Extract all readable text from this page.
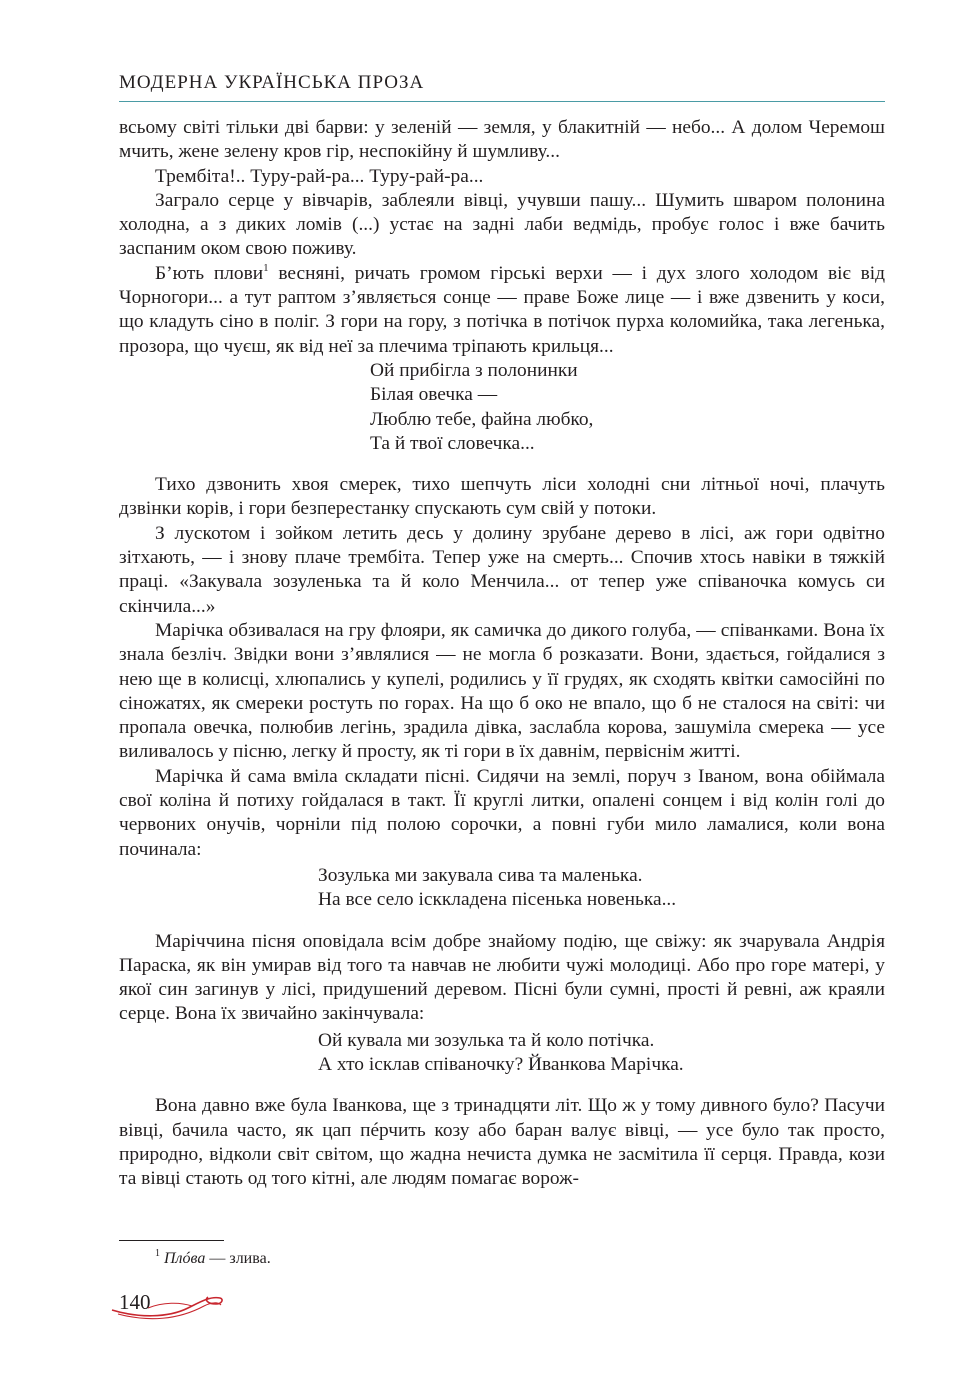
МОДЕРНА УКРАЇНСЬКА ПРОЗА

всьому світі тільки дві барви: у зеленій — земля, у блакитній — небо... А долом Черемош мчить, жене зелену кров гір, неспокійну й шумливу...

Трембіта!.. Туру-рай-ра... Туру-рай-ра...

Заграло серце у вівчарів, заблеяли вівці, учувши пашу... Шумить шваром полонина холодна, а з диких ломів (...) устає на задні лаби ведмідь, пробує голос і вже бачить заспаним оком свою поживу.

Б’ють плови$^1$ весняні, ричать громом гірські верхи — і дух злого холодом віє від Чорногори... а тут раптом з’являється сонце — праве Боже лице — і вже дзвенить у коси, що кладуть сіно в поліг. З гори на гору, з потічка в потічок пурха коломийка, така легенька, прозора, що чуєш, як від неї за плечима тріпають крильця...

Ой прибігла з полонинки
Білая овечка —
Люблю тебе, файна любко,
Та й твої словечка...

Тихо дзвонить хвоя смерек, тихо шепчуть ліси холодні сни літньої ночі, плачуть дзвінки корів, і гори безперестанку спускають сум свій у потоки.

З лускотом і зойком летить десь у долину зрубане дерево в лісі, аж гори одвітно зітхають, — і знову плаче трембіта. Тепер уже на смерть... Спочив хтось навіки в тяжкій праці. «Закувала зозуленька та й коло Менчила... от тепер уже співаночка комусь си скінчила...»

Марічка обзивалася на гру флояри, як самичка до дикого голуба, — співанками. Вона їх знала безліч. Звідки вони з’являлися — не могла б розказати. Вони, здається, гойдалися з нею ще в колисці, хлюпались у купелі, родились у її грудях, як сходять квітки самосійні по сіножатях, як смереки ростуть по горах. На що б око не впало, що б не сталося на світі: чи пропала овечка, полюбив легінь, зрадила дівка, заслабла корова, зашуміла смерека — усе виливалось у пісню, легку й просту, як ті гори в їх давнім, первіснім житті.

Марічка й сама вміла складати пісні. Сидячи на землі, поруч з Іваном, вона обіймала свої коліна й потиху гойдалася в такт. Її круглі литки, опалені сонцем і від колін голі до червоних онучів, чорніли під полою сорочки, а повні губи мило ламалися, коли вона починала:

Зозулька ми закувала сива та маленька.
На все село ісккладена пісенька новенька...

Марiччина пісня оповідала всім добре знайому подію, ще свіжу: як зчарувала Андрія Параска, як він умирав від того та навчав не любити чужі молодиці. Або про горе матері, у якої син загинув у лісі, придушений деревом. Пісні були сумні, прості й ревні, аж краяли серце. Вона їх звичайно закінчувала:

Ой кувала ми зозулька та й коло потічка.
А хто ісклав співаночку? Йванкова Марічка.

Вона давно вже була Іванкова, ще з тринадцяти літ. Що ж у тому дивного було? Пасучи вівці, бачила часто, як цап пéрчить козу або баран валує вівці, — усе було так просто, природно, відколи світ світом, що жадна нечиста думка не засмітила її серця. Правда, кози та вівці стають од того кітні, але людям помагає ворож-

$^1$ Плóва — злива.
140
